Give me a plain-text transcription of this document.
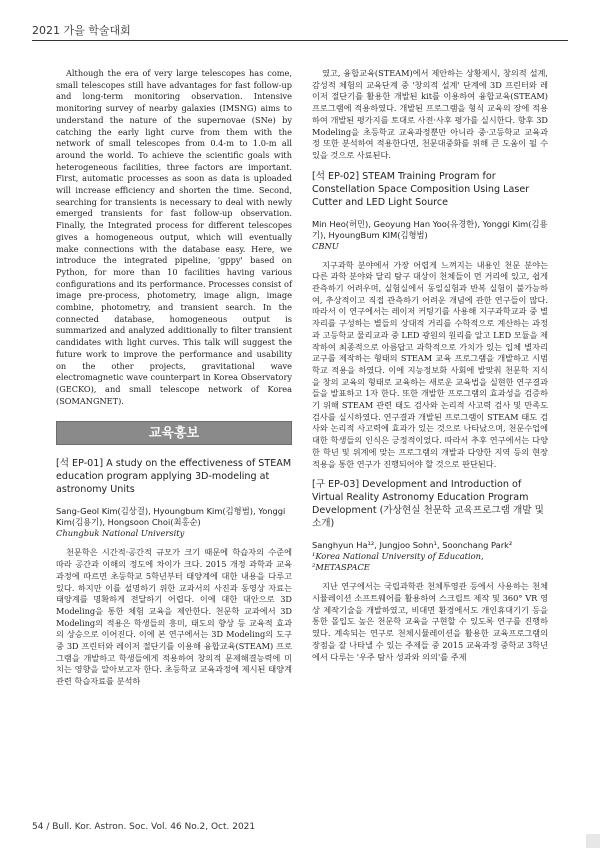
2021 가을 학술대회

Although the era of very large telescopes has come, small telescopes still have advantages for fast follow-up and long-term monitoring observation. Intensive monitoring survey of nearby galaxies (IMSNG) aims to understand the nature of the supernovae (SNe) by catching the early light curve from them with the network of small telescopes from 0.4-m to 1.0-m all around the world. To achieve the scientific goals with heterogeneous facilities, three factors are important. First, automatic processes as soon as data is uploaded will increase efficiency and shorten the time. Second, searching for transients is necessary to deal with newly emerged transients for fast follow-up observation. Finally, the Integrated process for different telescopes gives a homogeneous output, which will eventually make connections with the database easy. Here, we introduce the integrated pipeline, 'gppy' based on Python, for more than 10 facilities having various configurations and its performance. Processes consist of image pre-process, photometry, image align, image combine, photometry, and transient search. In the connected database, homogeneous output is summarized and analyzed additionally to filter transient candidates with light curves. This talk will suggest the future work to improve the performance and usability on the other projects, gravitational wave electromagnetic wave counterpart in Korea Observatory (GECKO), and small telescope network of Korea (SOMANGNET).

교육홍보
[석 EP-01] A study on the effectiveness of STEAM education program applying 3D-modeling at astronomy Units
Sang-Geol Kim(김상걸), Hyoungbum Kim(김형범), Yonggi Kim(김용기), Hongsoon Choi(최홍순)
Chungbuk National University

천문학은 시간적·공간적 규모가 크기 때문에 학습자의 수준에 따라 공간과 이해의 정도에 차이가 크다. 2015 개정 과학과 교육과정에 따르면 초등학교 5학년부터 태양계에 대한 내용을 다루고 있다. 하지만 이를 설명하기 위한 교과서의 사진과 동영상 자료는 태양계를 명확하게 전달하기 어렵다. 이에 대한 대안으로 3D Modeling을 통한 체험 교육을 제안한다. 천문학 교과에서 3D Modeling의 적용은 학생들의 흥미, 태도의 향상 등 교육적 효과의 상승으로 이어진다. 이에 본 연구에서는 3D Modeling의 도구 중 3D 프린터와 레이저 절단기를 이용해 융합교육(STEAM) 프로그램을 개발하고 학생들에게 적용하여 창의적 문제해결능력에 미치는 영향을 알아보고자 한다. 초등학교 교육과정에 제시된 태양계 관련 학습자료를 분석하

였고, 융합교육(STEAM)에서 제안하는 상황제시, 창의적 설계, 감성적 체험의 교육단계 중 '창의적 설계' 단계에 3D 프린터와 레이저 절단기를 활용한 개발된 kit를 이용하여 융합교육(STEAM) 프로그램에 적용하였다. 개발된 프로그램을 형식 교육의 장에 적용하여 개발된 평가지를 토대로 사전·사후 평가를 실시한다. 향후 3D Modeling을 초등학교 교육과정뿐만 아니라 중·고등학교 교육과정 또한 분석하여 적용한다면, 천문대중화를 위해 큰 도움이 될 수 있을 것으로 사료된다.

[석 EP-02] STEAM Training Program for Constellation Space Composition Using Laser Cutter and LED Light Source
Min Heo(허민), Geoyung Han Yoo(유경한), Yonggi Kim(김용기), HyoungBum KIM(김형범)
CBNU

지구과학 분야에서 가장 어렵게 느껴지는 내용인 천문 분야는 다른 과학 분야와 달리 탐구 대상이 천체들이 먼 거리에 있고, 쉽게 관측하기 어려우며, 실험실에서 동일실험과 반복 실험이 불가능하여, 추상적이고 직접 관측하기 어려운 개념에 관한 연구들이 많다. 따라서 이 연구에서는 레이저 커팅기를 사용해 지구과학교과 중 별자리를 구성하는 별들의 상대적 거리를 수학적으로 계산하는 과정과 고등학교 물리교과 중 LED 광원의 원리를 알고 LED 모듈을 제작하여 최종적으로 아름답고 과학적으로 가치가 있는 입체 별자리 교구를 제작하는 형태의 STEAM 교육 프로그램을 개발하고 시범학교 적용을 하였다. 이에 지능정보화 사회에 발맞춰 천문학 지식을 창의 교육의 형태로 교육하는 새로운 교육법을 실현한 연구결과들을 발표하고 1자 한다. 또한 개발한 프로그램의 효과성을 검증하기 위해 STEAM 관련 태도 검사와 논리적 사고력 검사 및 만족도 검사를 실시하였다. 연구결과 개발된 프로그램이 STEAM 태도 검사와 논리적 사고력에 효과가 있는 것으로 나타났으며, 천문수업에 대한 학생들의 인식은 긍정적이었다. 따라서 추후 연구에서는 다양한 학년 및 위계에 맞는 프로그램의 개발과 다양한 지역 등의 현장 적용을 통한 연구가 진행되어야 할 것으로 판단된다.

[구 EP-03] Development and Introduction of Virtual Reality Astronomy Education Program Development (가상현실 천문학 교육프로그램 개발 및 소개)
Sanghyun Ha¹², Jungjoo Sohn¹, Soonchang Park²
¹Korea National University of Education,
²METASPACE

지난 연구에서는 국립과학관 천체투영관 등에서 사용하는 천체시뮬레이션 소프트웨어를 활용하여 스크립트 제작 및 360° VR 영상 제작기술을 개발하였고, 비대면 환경에서도 개인휴대기기 등을 통한 몰입도 높은 천문학 교육을 구현할 수 있도록 연구를 진행하였다. 계속되는 연구로 천체시뮬레이션을 활용한 교육프로그램의 장점을 잘 나타낼 수 있는 주제들 중 2015 교육과정 중학교 3학년에서 다루는 '우주 탐사 성과와 의의'를 주제

54 / Bull. Kor. Astron. Soc. Vol. 46 No.2, Oct. 2021
